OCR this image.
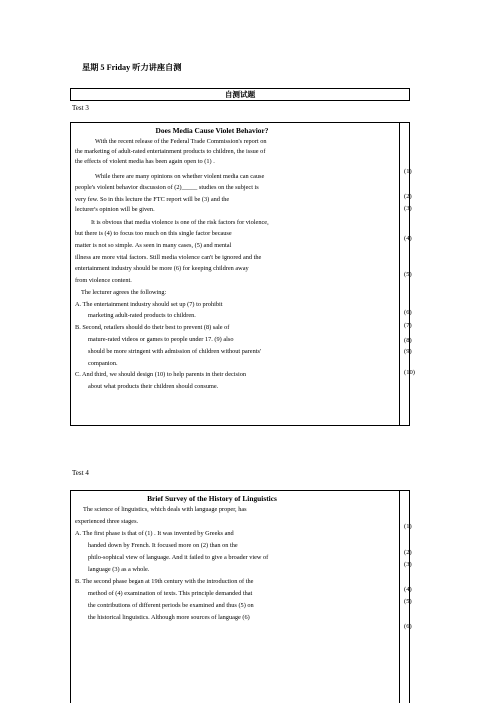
星期 5 Friday 听力讲座自测
自测试题
Test 3
Does Media Cause Violet Behavior?
With the recent release of the Federal Trade Commission's report on
the marketing of adult-rated entertainment products to children, the issue of
the effects of violent media has been again open to (1) .
While there are many opinions on whether violent media can cause
people's violent behavior discussion of (2)_____ studies on the subject is
very few. So in this lecture the FTC report will be (3) and the
lecturer's opinion will be given.
It is obvious that media violence is one of the risk factors for violence,
but there is (4) to focus too much on this single factor because
matter is not so simple. As seen in many cases, (5) and mental
illness are more vital factors. Still media violence can't be ignored and the
entertainment industry should be more (6) for keeping children away
from violence content.
The lecturer agrees the following:
A. The entertainment industry should set up (7) to prohibit
marketing adult-rated products to children.
B. Second, retailers should do their best to prevent (8) sale of
mature-rated videos or games to people under 17. (9) also
should be more stringent with admission of children without parents'
companion.
C. And third, we should design (10) to help parents in their decision
about what products their children should consume.
(1)
(2)
(3)
(4)
(5)
(6)
(7)
(8)
(9)
(10)
Test 4
Brief Survey of the History of Linguistics
The science of linguistics, which deals with language proper, has
experienced three stages.
A. The first phase is that of (1) . It was invented by Greeks and
handed down by French. It focused more on (2) than on the
philo-sophical view of language. And it failed to give a broader view of
language (3) as a whole.
B. The second phase began at 19th century with the introduction of the
method of (4) examination of texts. This principle demanded that
the contributions of different periods be examined and thus (5) on
the historical linguistics. Although more sources of language (6)
(1)
(2)
(3)
(4)
(5)
(6)
